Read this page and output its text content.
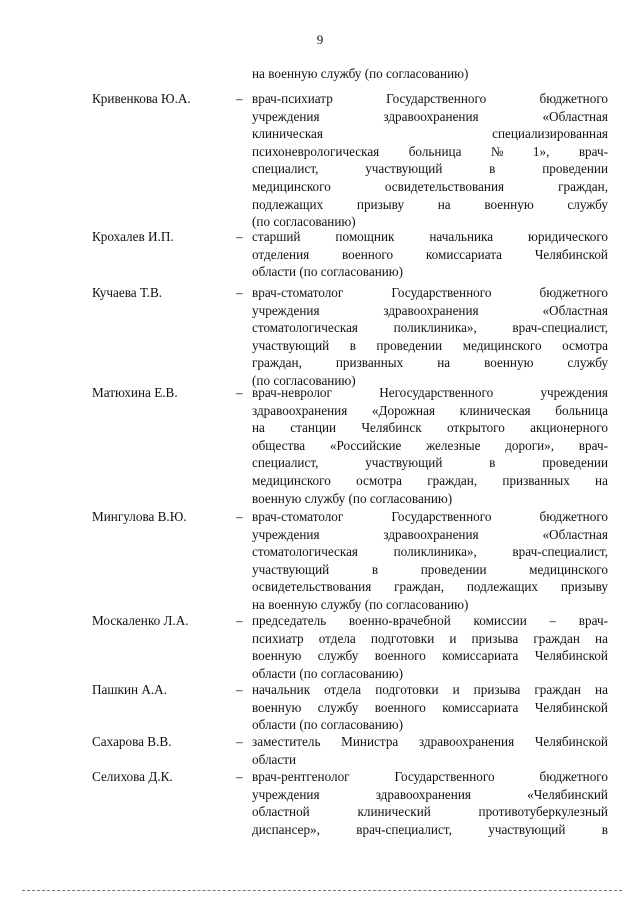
9
на военную службу (по согласованию)
Кривенкова Ю.А.	– врач-психиатр	Государственного	бюджетного
учреждения	здравоохранения	«Областная
клиническая	специализированная
психоневрологическая больница № 1», врач-
специалист,	участвующий	в	проведении
медицинского	освидетельствования	граждан,
подлежащих	призыву	на	военную	службу
(по согласованию)
Крохалев И.П.	– старший	помощник	начальника	юридического
отделения военного комиссариата Челябинской
области (по согласованию)
Кучаева Т.В.	– врач-стоматолог	Государственного	бюджетного
учреждения	здравоохранения	«Областная
стоматологическая	поликлиника»,	врач-специалист,
участвующий в проведении медицинского осмотра
граждан,	призванных	на	военную	службу
(по согласованию)
Матюхина Е.В.	– врач-невролог	Негосударственного	учреждения
здравоохранения «Дорожная клиническая больница
на станции Челябинск открытого акционерного
общества «Российские железные дороги», врач-
специалист,	участвующий	в	проведении
медицинского осмотра граждан, призванных на
военную службу (по согласованию)
Мингулова В.Ю.	– врач-стоматолог	Государственного	бюджетного
учреждения	здравоохранения	«Областная
стоматологическая	поликлиника»,	врач-специалист,
участвующий	в	проведении	медицинского
освидетельствования граждан, подлежащих призыву
на военную службу (по согласованию)
Москаленко Л.А.	– председатель военно-врачебной комиссии – врач-
психиатр отдела подготовки и призыва граждан на
военную службу военного комиссариата Челябинской
области (по согласованию)
Пашкин А.А.	– начальник отдела подготовки и призыва граждан на
военную службу военного комиссариата Челябинской
области (по согласованию)
Сахарова В.В.	– заместитель Министра здравоохранения Челябинской
области
Селихова Д.К.	– врач-рентгенолог	Государственного	бюджетного
учреждения	здравоохранения	«Челябинский
областной	клинический	противотуберкулезный
диспансер»,	врач-специалист,	участвующий	в
